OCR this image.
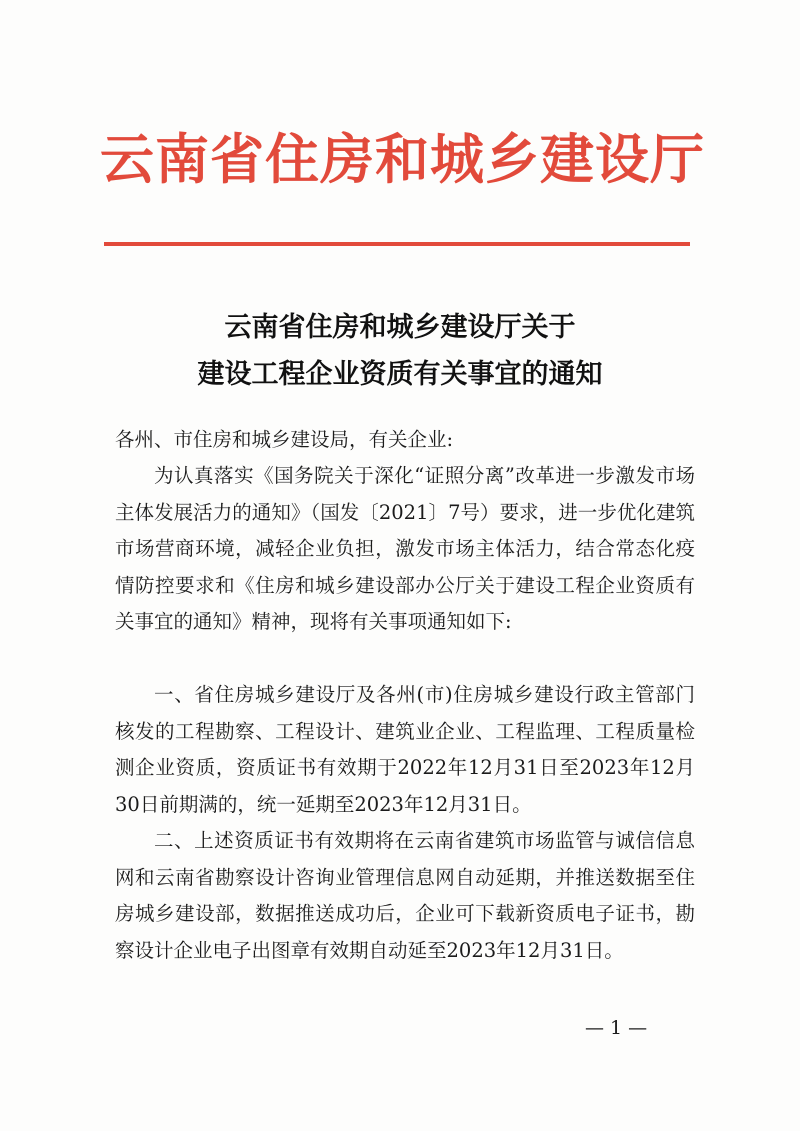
云南省住房和城乡建设厅
云南省住房和城乡建设厅关于
建设工程企业资质有关事宜的通知
各州、市住房和城乡建设局，有关企业:

为认真落实《国务院关于深化“证照分离”改革进一步激发市场主体发展活力的通知》（国发〔2021〕7号）要求，进一步优化建筑市场营商环境，减轻企业负担，激发市场主体活力，结合常态化疫情防控要求和《住房和城乡建设部办公厅关于建设工程企业资质有关事宜的通知》精神，现将有关事项通知如下:

一、省住房城乡建设厅及各州(市)住房城乡建设行政主管部门核发的工程勘察、工程设计、建筑业企业、工程监理、工程质量检测企业资质，资质证书有效期于2022年12月31日至2023年12月30日前期满的，统一延期至2023年12月31日。

二、上述资质证书有效期将在云南省建筑市场监管与诚信信息网和云南省勘察设计咨询业管理信息网自动延期，并推送数据至住房城乡建设部，数据推送成功后，企业可下载新资质电子证书，勘察设计企业电子出图章有效期自动延至2023年12月31日。

— 1 —
